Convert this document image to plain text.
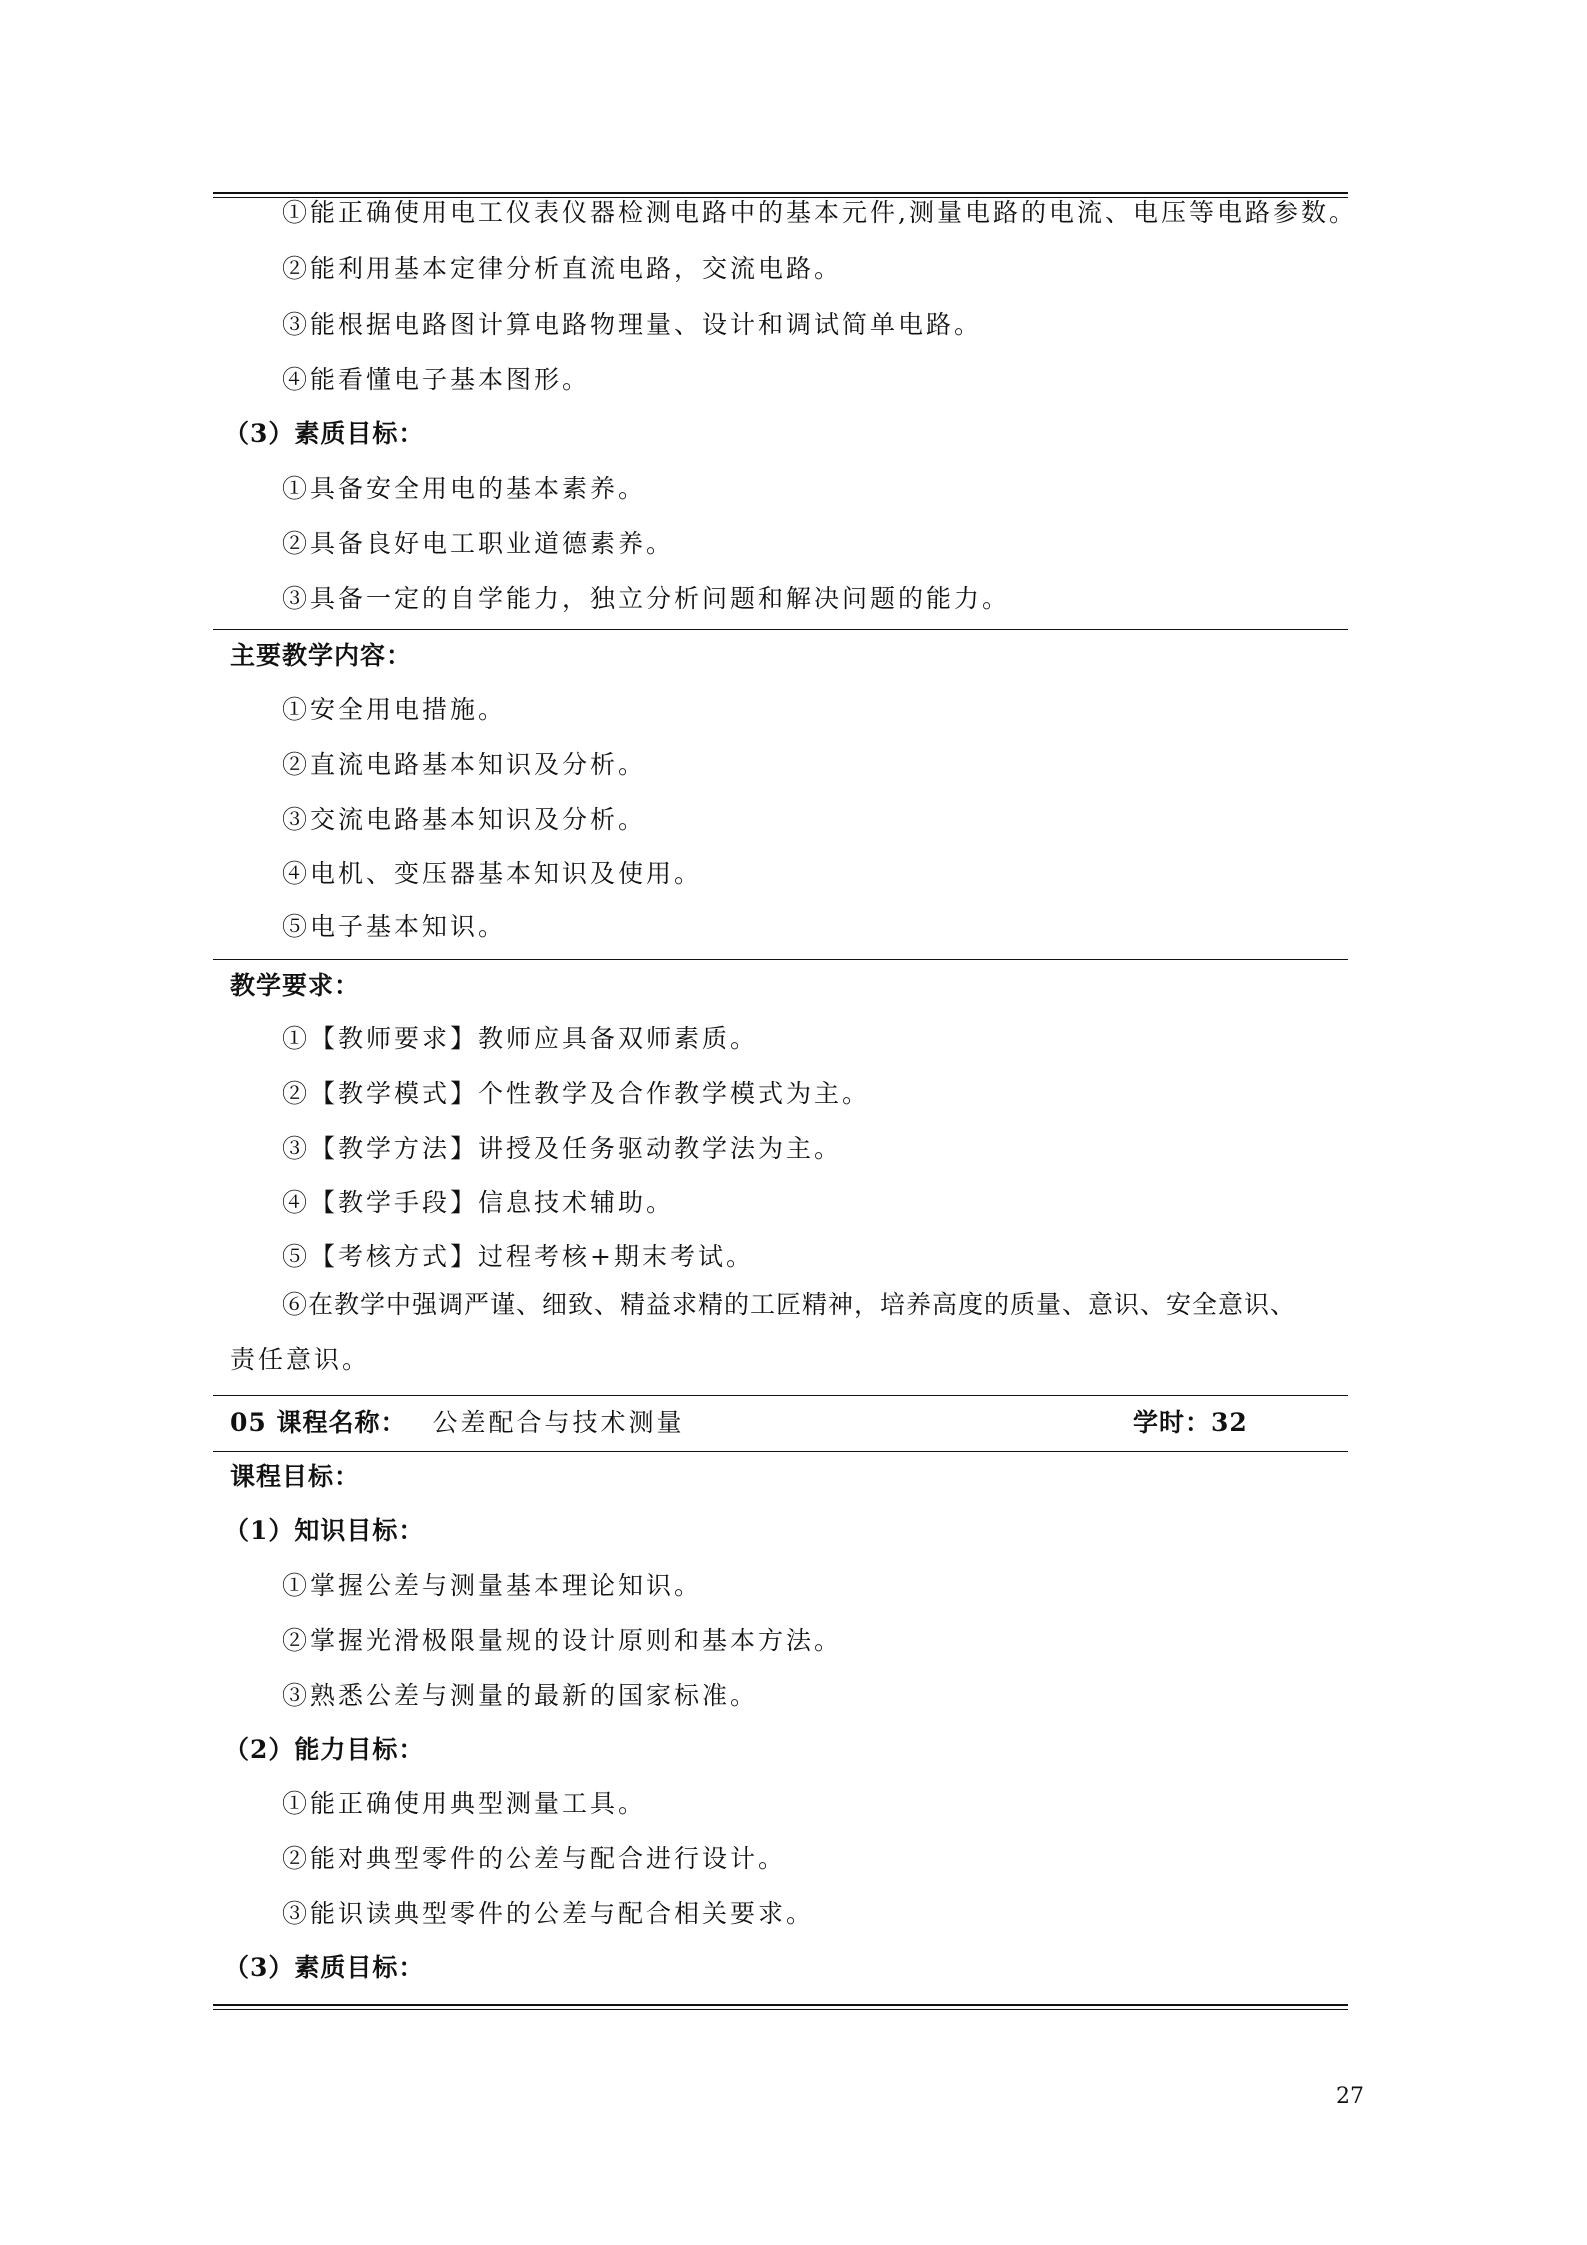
①能正确使用电工仪表仪器检测电路中的基本元件,测量电路的电流、电压等电路参数。
②能利用基本定律分析直流电路，交流电路。
③能根据电路图计算电路物理量、设计和调试简单电路。
④能看懂电子基本图形。
（3）素质目标：
①具备安全用电的基本素养。
②具备良好电工职业道德素养。
③具备一定的自学能力，独立分析问题和解决问题的能力。
主要教学内容：
①安全用电措施。
②直流电路基本知识及分析。
③交流电路基本知识及分析。
④电机、变压器基本知识及使用。
⑤电子基本知识。
教学要求：
①【教师要求】教师应具备双师素质。
②【教学模式】个性教学及合作教学模式为主。
③【教学方法】讲授及任务驱动教学法为主。
④【教学手段】信息技术辅助。
⑤【考核方式】过程考核+期末考试。
⑥在教学中强调严谨、细致、精益求精的工匠精神，培养高度的质量、意识、安全意识、
责任意识。
05 课程名称： 公差配合与技术测量	学时：32
课程目标：
（1）知识目标：
①掌握公差与测量基本理论知识。
②掌握光滑极限量规的设计原则和基本方法。
③熟悉公差与测量的最新的国家标准。
（2）能力目标：
①能正确使用典型测量工具。
②能对典型零件的公差与配合进行设计。
③能识读典型零件的公差与配合相关要求。
（3）素质目标：
27
